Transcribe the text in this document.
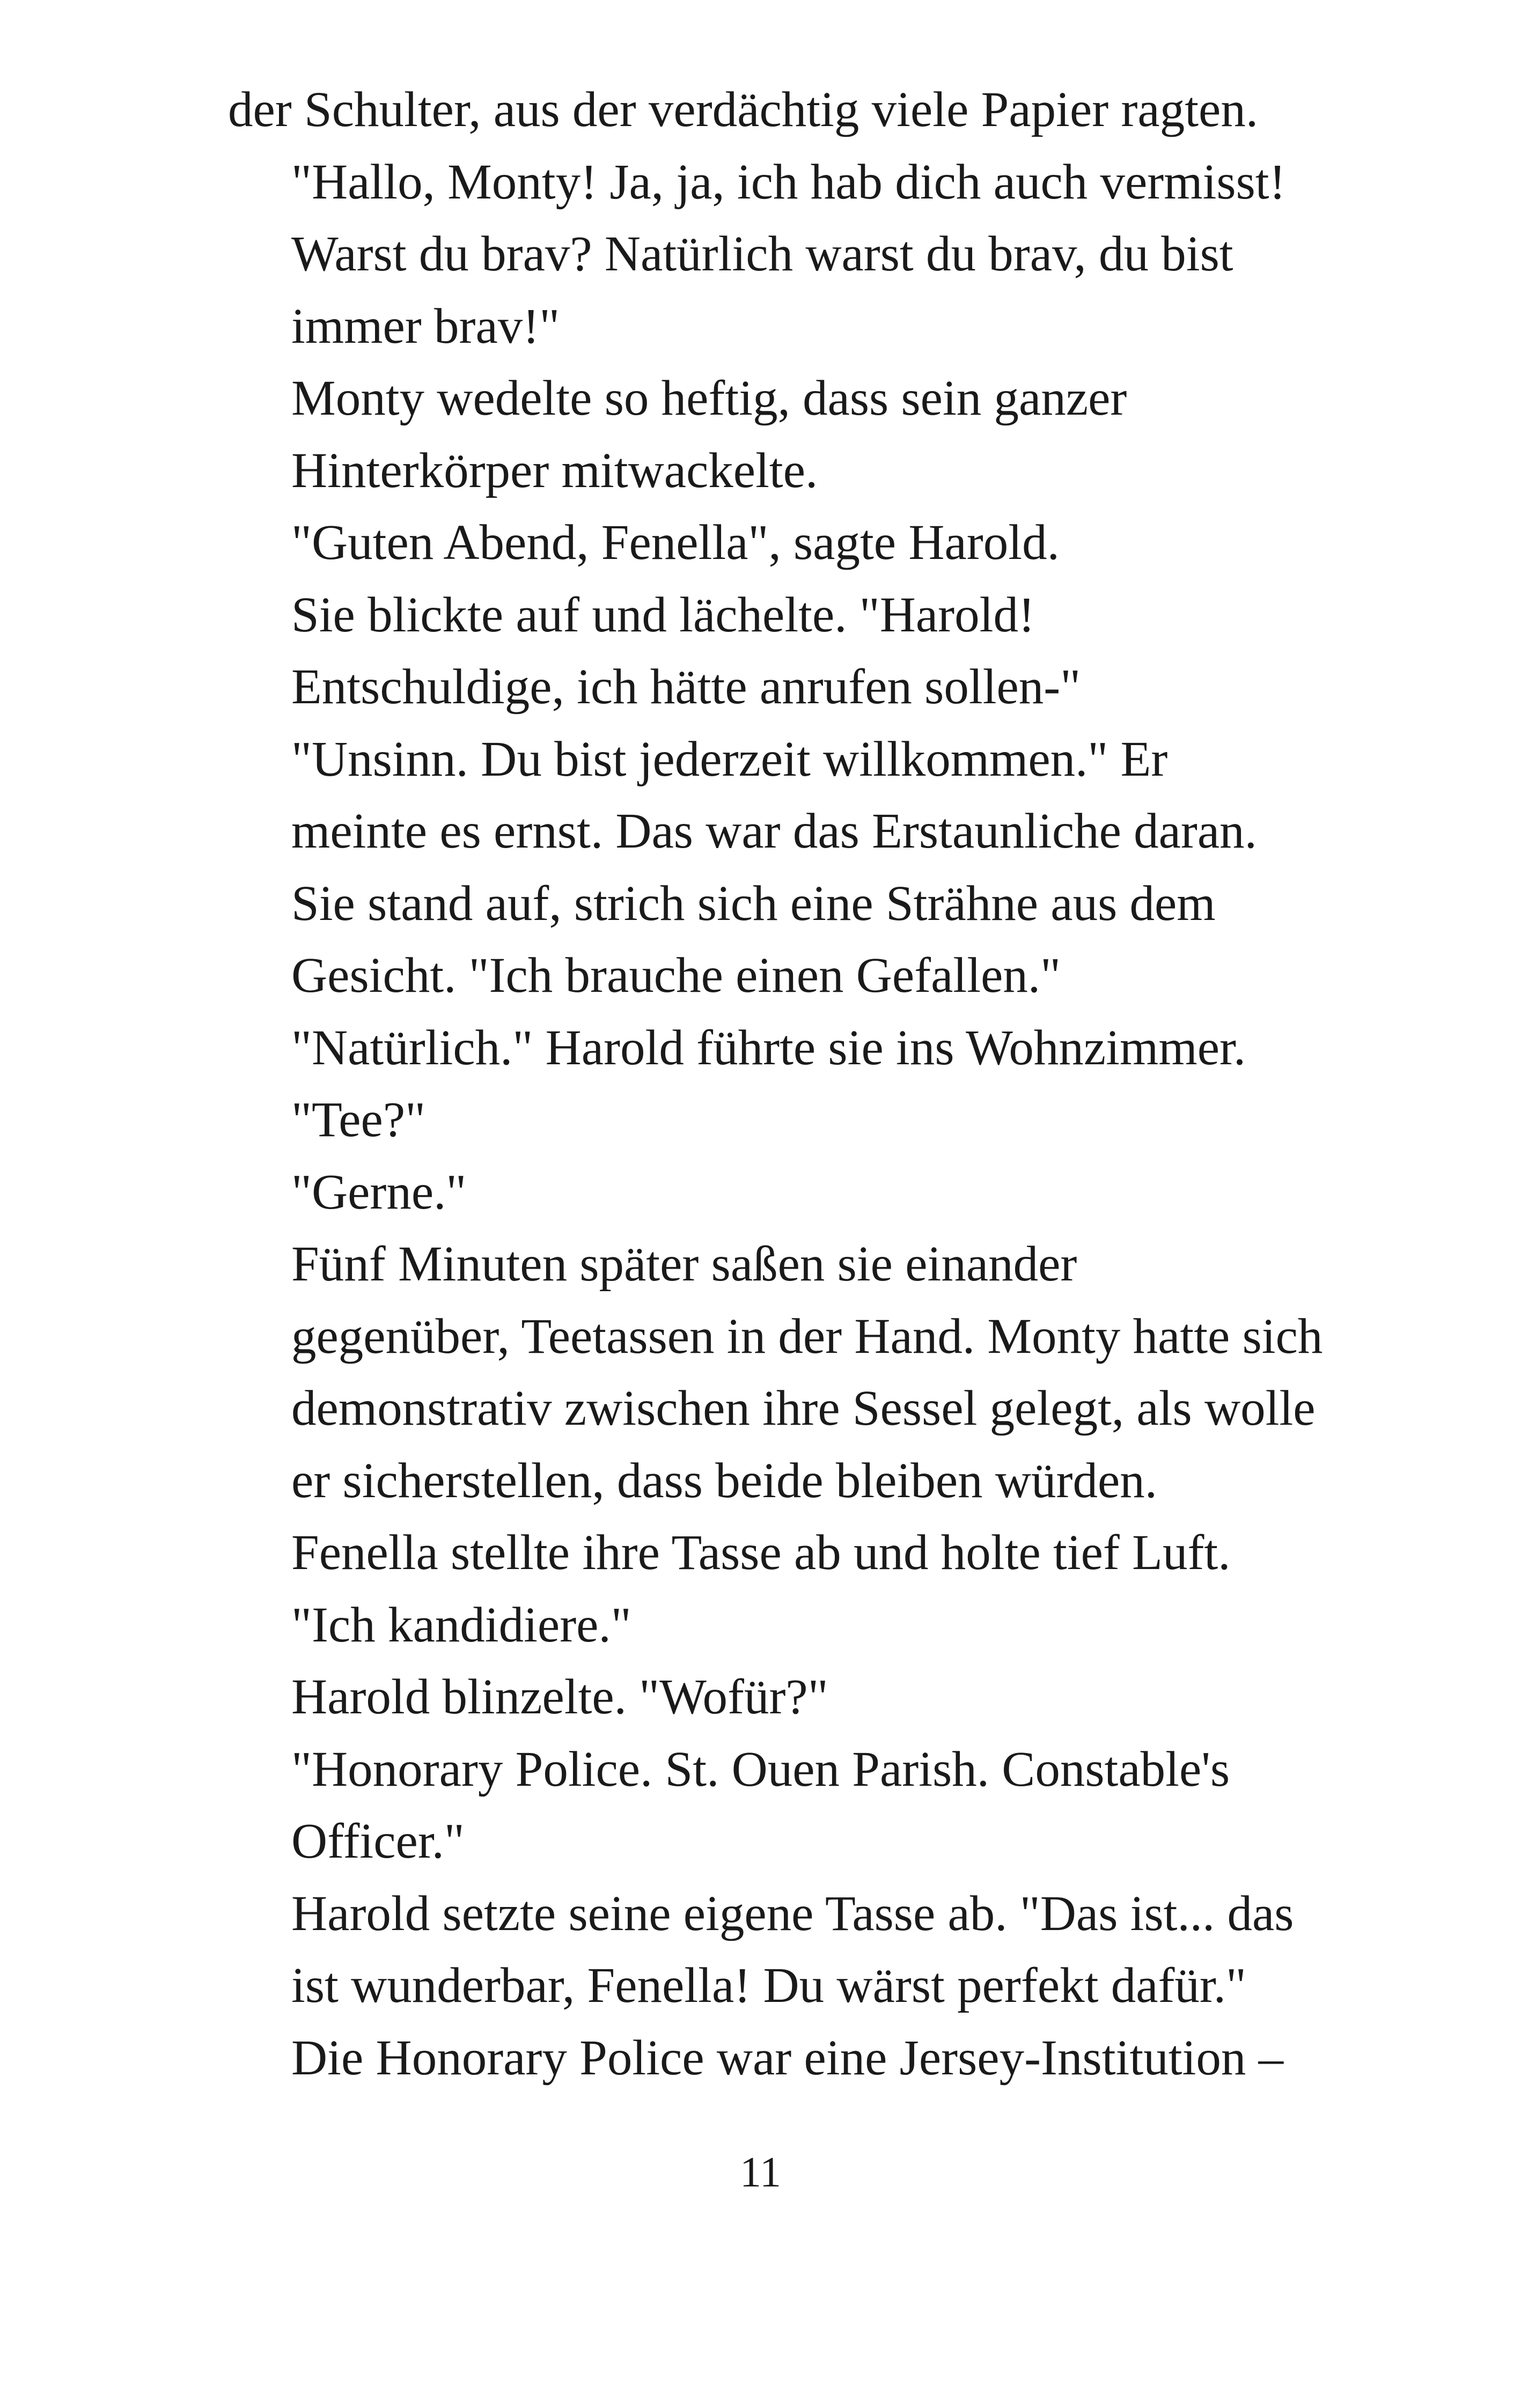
der Schulter, aus der verdächtig viele Papier ragten.

"Hallo, Monty! Ja, ja, ich hab dich auch vermisst!
Warst du brav? Natürlich warst du brav, du bist
immer brav!"

Monty wedelte so heftig, dass sein ganzer
Hinterkörper mitwackelte.

"Guten Abend, Fenella", sagte Harold.

Sie blickte auf und lächelte. "Harold!
Entschuldige, ich hätte anrufen sollen-"

"Unsinn. Du bist jederzeit willkommen." Er
meinte es ernst. Das war das Erstaunliche daran.

Sie stand auf, strich sich eine Strähne aus dem
Gesicht. "Ich brauche einen Gefallen."

"Natürlich." Harold führte sie ins Wohnzimmer.
"Tee?"

"Gerne."

Fünf Minuten später saßen sie einander
gegenüber, Teetassen in der Hand. Monty hatte sich
demonstrativ zwischen ihre Sessel gelegt, als wolle
er sicherstellen, dass beide bleiben würden.

Fenella stellte ihre Tasse ab und holte tief Luft.
"Ich kandidiere."

Harold blinzelte. "Wofür?"

"Honorary Police. St. Ouen Parish. Constable's
Officer."

Harold setzte seine eigene Tasse ab. "Das ist... das
ist wunderbar, Fenella! Du wärst perfekt dafür."

Die Honorary Police war eine Jersey-Institution –

11
